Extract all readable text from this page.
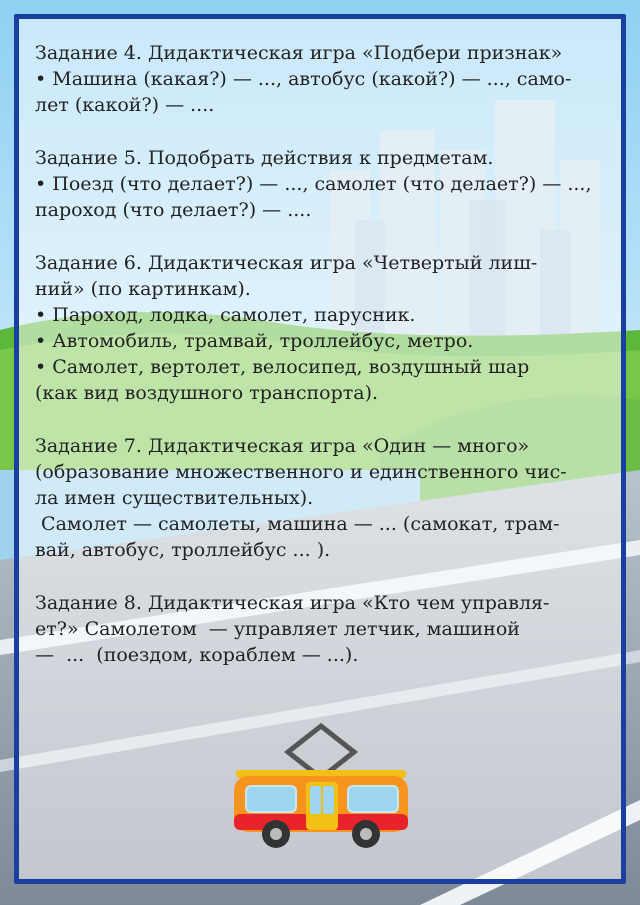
Задание 4. Дидактическая игра «Подбери признак»
• Машина (какая?) — ..., автобус (какой?) — ..., само-
лет (какой?) — ....
Задание 5. Подобрать действия к предметам.
• Поезд (что делает?) — ..., самолет (что делает?) — ...,
пароход (что делает?) — ....
Задание 6. Дидактическая игра «Четвертый лиш-
ний» (по картинкам).
• Пароход, лодка, самолет, парусник.
• Автомобиль, трамвай, троллейбус, метро.
• Самолет, вертолет, велосипед, воздушный шар
(как вид воздушного транспорта).
Задание 7. Дидактическая игра «Один — много»
(образование множественного и единственного чис-
ла имен существительных).
Самолет — самолеты, машина — ... (самокат, трам-
вай, автобус, троллейбус ... ).
Задание 8. Дидактическая игра «Кто чем управля-
ет?» Самолетом  — управляет летчик, машиной
—  ...  (поездом, кораблем — ...).
